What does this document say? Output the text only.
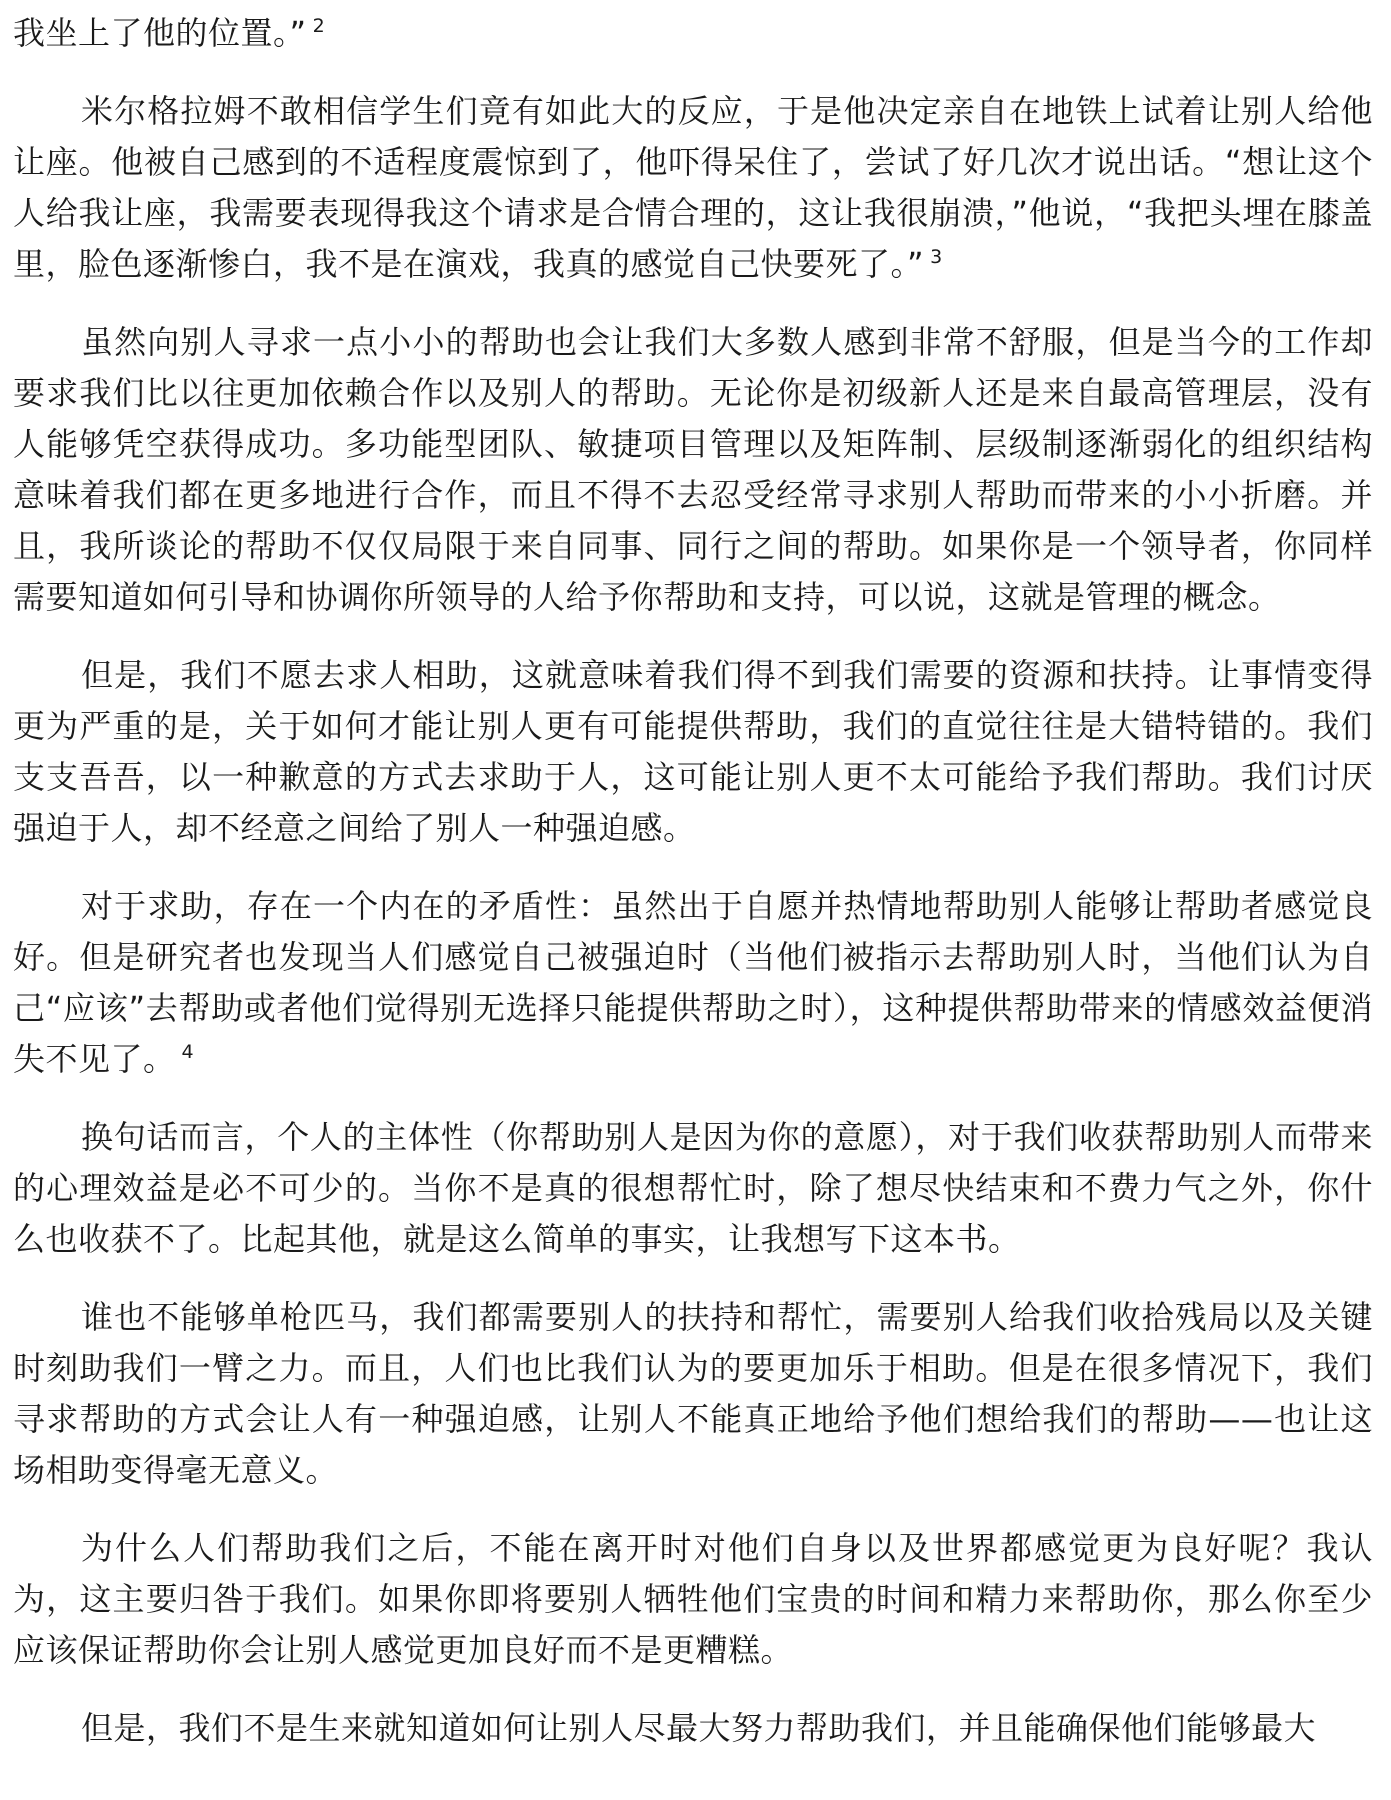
我坐上了他的位置。” $^2$

米尔格拉姆不敢相信学生们竟有如此大的反应，于是他决定亲自在地铁上试着让别人给他让座。他被自己感到的不适程度震惊到了，他吓得呆住了，尝试了好几次才说出话。“想让这个人给我让座，我需要表现得我这个请求是合情合理的，这让我很崩溃，”他说，“我把头埋在膝盖里，脸色逐渐惨白，我不是在演戏，我真的感觉自己快要死了。” $^3$

虽然向别人寻求一点小小的帮助也会让我们大多数人感到非常不舒服，但是当今的工作却要求我们比以往更加依赖合作以及别人的帮助。无论你是初级新人还是来自最高管理层，没有人能够凭空获得成功。多功能型团队、敏捷项目管理以及矩阵制、层级制逐渐弱化的组织结构意味着我们都在更多地进行合作，而且不得不去忍受经常寻求别人帮助而带来的小小折磨。并且，我所谈论的帮助不仅仅局限于来自同事、同行之间的帮助。如果你是一个领导者，你同样需要知道如何引导和协调你所领导的人给予你帮助和支持，可以说，这就是管理的概念。

但是，我们不愿去求人相助，这就意味着我们得不到我们需要的资源和扶持。让事情变得更为严重的是，关于如何才能让别人更有可能提供帮助，我们的直觉往往是大错特错的。我们支支吾吾，以一种歉意的方式去求助于人，这可能让别人更不太可能给予我们帮助。我们讨厌强迫于人，却不经意之间给了别人一种强迫感。

对于求助，存在一个内在的矛盾性：虽然出于自愿并热情地帮助别人能够让帮助者感觉良好。但是研究者也发现当人们感觉自己被强迫时（当他们被指示去帮助别人时，当他们认为自己“应该”去帮助或者他们觉得别无选择只能提供帮助之时），这种提供帮助带来的情感效益便消失不见了。 $^4$

换句话而言，个人的主体性（你帮助别人是因为你的意愿），对于我们收获帮助别人而带来的心理效益是必不可少的。当你不是真的很想帮忙时，除了想尽快结束和不费力气之外，你什么也收获不了。比起其他，就是这么简单的事实，让我想写下这本书。

谁也不能够单枪匹马，我们都需要别人的扶持和帮忙，需要别人给我们收拾残局以及关键时刻助我们一臂之力。而且，人们也比我们认为的要更加乐于相助。但是在很多情况下，我们寻求帮助的方式会让人有一种强迫感，让别人不能真正地给予他们想给我们的帮助——也让这场相助变得毫无意义。

为什么人们帮助我们之后，不能在离开时对他们自身以及世界都感觉更为良好呢？我认为，这主要归咎于我们。如果你即将要别人牺牲他们宝贵的时间和精力来帮助你，那么你至少应该保证帮助你会让别人感觉更加良好而不是更糟糕。

但是，我们不是生来就知道如何让别人尽最大努力帮助我们，并且能确保他们能够最大
